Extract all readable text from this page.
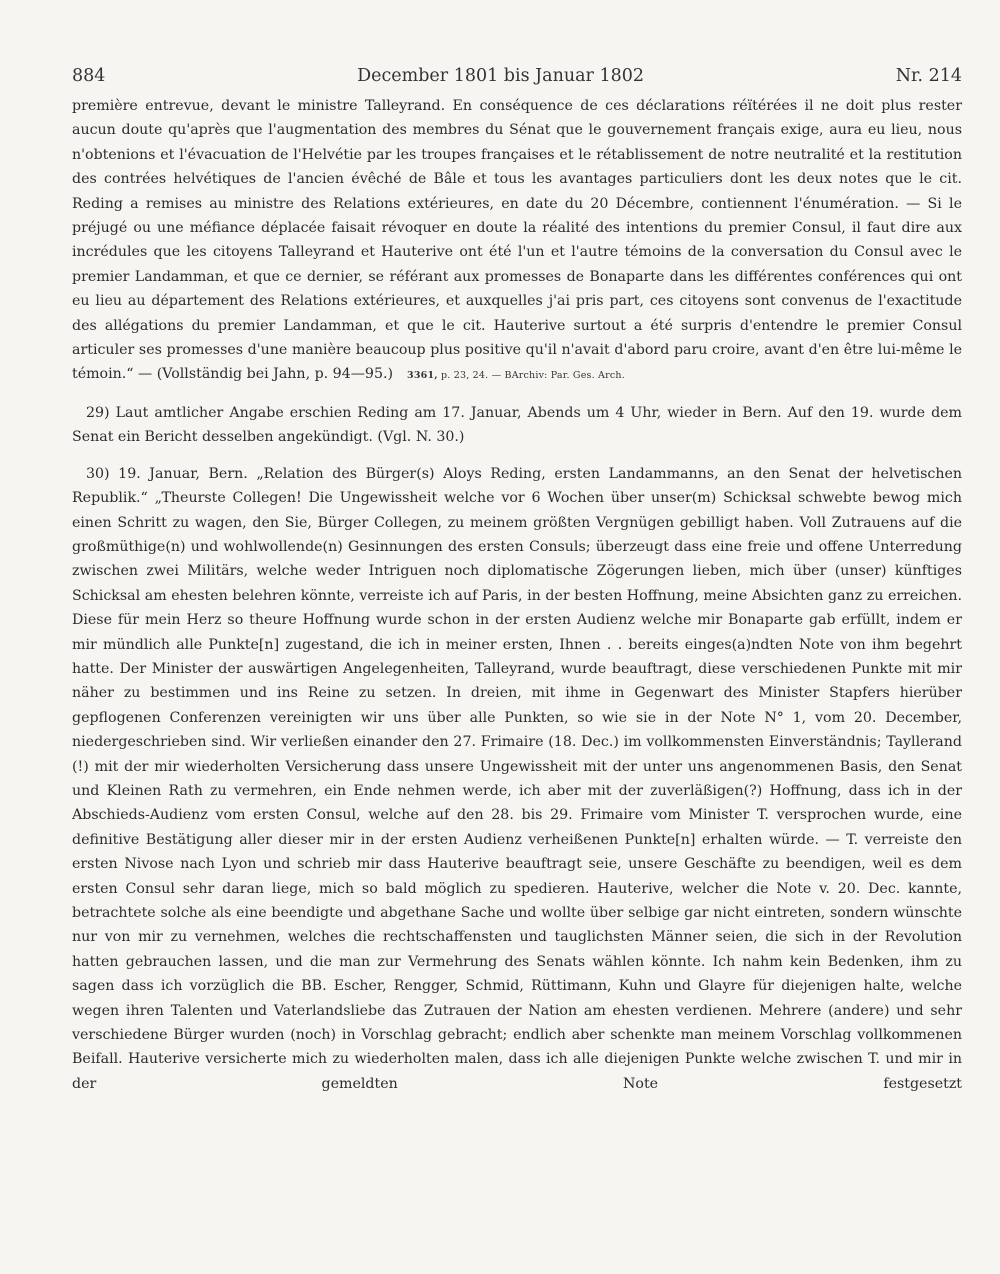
884	December 1801 bis Januar 1802	Nr. 214

première entrevue, devant le ministre Talleyrand. En conséquence de ces déclarations réïtérées il ne doit plus rester aucun doute qu'après que l'augmentation des membres du Sénat que le gouvernement français exige, aura eu lieu, nous n'obtenions et l'évacuation de l'Helvétie par les troupes françaises et le rétablissement de notre neutralité et la restitution des contrées helvétiques de l'ancien évêché de Bâle et tous les avantages particuliers dont les deux notes que le cit. Reding a remises au ministre des Relations extérieures, en date du 20 Décembre, contiennent l'énumération. — Si le préjugé ou une méfiance déplacée faisait révoquer en doute la réalité des intentions du premier Consul, il faut dire aux incrédules que les citoyens Talleyrand et Hauterive ont été l'un et l'autre témoins de la conversation du Consul avec le premier Landamman, et que ce dernier, se référant aux promesses de Bonaparte dans les différentes conférences qui ont eu lieu au département des Relations extérieures, et auxquelles j'ai pris part, ces citoyens sont convenus de l'exactitude des allégations du premier Landamman, et que le cit. Hauterive surtout a été surpris d'entendre le premier Consul articuler ses promesses d'une manière beaucoup plus positive qu'il n'avait d'abord paru croire, avant d'en être lui-même le témoin.“ — (Vollständig bei Jahn, p. 94—95.) 3361, p. 23, 24. — BArchiv: Par. Ges. Arch.

29) Laut amtlicher Angabe erschien Reding am 17. Januar, Abends um 4 Uhr, wieder in Bern. Auf den 19. wurde dem Senat ein Bericht desselben angekündigt. (Vgl. N. 30.)

30) 19. Januar, Bern. „Relation des Bürger(s) Aloys Reding, ersten Landammanns, an den Senat der helvetischen Republik.“ „Theurste Collegen! Die Ungewissheit welche vor 6 Wochen über unser(m) Schicksal schwebte bewog mich einen Schritt zu wagen, den Sie, Bürger Collegen, zu meinem größten Vergnügen gebilligt haben. Voll Zutrauens auf die großmüthige(n) und wohlwollende(n) Gesinnungen des ersten Consuls; überzeugt dass eine freie und offene Unterredung zwischen zwei Militärs, welche weder Intriguen noch diplomatische Zögerungen lieben, mich über (unser) künftiges Schicksal am ehesten belehren könnte, verreiste ich auf Paris, in der besten Hoffnung, meine Absichten ganz zu erreichen. Diese für mein Herz so theure Hoffnung wurde schon in der ersten Audienz welche mir Bonaparte gab erfüllt, indem er mir mündlich alle Punkte[n] zugestand, die ich in meiner ersten, Ihnen . . bereits einges(a)ndten Note von ihm begehrt hatte. Der Minister der auswärtigen Angelegenheiten, Talleyrand, wurde beauftragt, diese verschiedenen Punkte mit mir näher zu bestimmen und ins Reine zu setzen. In dreien, mit ihme in Gegenwart des Minister Stapfers hierüber gepflogenen Conferenzen vereinigten wir uns über alle Punkten, so wie sie in der Note N° 1, vom 20. December, niedergeschrieben sind. Wir verließen einander den 27. Frimaire (18. Dec.) im vollkommensten Einverständnis; Tayllerand (!) mit der mir wiederholten Versicherung dass unsere Ungewissheit mit der unter uns angenommenen Basis, den Senat und Kleinen Rath zu vermehren, ein Ende nehmen werde, ich aber mit der zuverläßigen(?) Hoffnung, dass ich in der Abschieds-Audienz vom ersten Consul, welche auf den 28. bis 29. Frimaire vom Minister T. versprochen wurde, eine definitive Bestätigung aller dieser mir in der ersten Audienz verheißenen Punkte[n] erhalten würde. — T. verreiste den ersten Nivose nach Lyon und schrieb mir dass Hauterive beauftragt seie, unsere Geschäfte zu beendigen, weil es dem ersten Consul sehr daran liege, mich so bald möglich zu spedieren. Hauterive, welcher die Note v. 20. Dec. kannte, betrachtete solche als eine beendigte und abgethane Sache und wollte über selbige gar nicht eintreten, sondern wünschte nur von mir zu vernehmen, welches die rechtschaffensten und tauglichsten Männer seien, die sich in der Revolution hatten gebrauchen lassen, und die man zur Vermehrung des Senats wählen könnte. Ich nahm kein Bedenken, ihm zu sagen dass ich vorzüglich die BB. Escher, Rengger, Schmid, Rüttimann, Kuhn und Glayre für diejenigen halte, welche wegen ihren Talenten und Vaterlandsliebe das Zutrauen der Nation am ehesten verdienen. Mehrere (andere) und sehr verschiedene Bürger wurden (noch) in Vorschlag gebracht; endlich aber schenkte man meinem Vorschlag vollkommenen Beifall. Hauterive versicherte mich zu wiederholten malen, dass ich alle diejenigen Punkte welche zwischen T. und mir in der gemeldten Note festgesetzt
